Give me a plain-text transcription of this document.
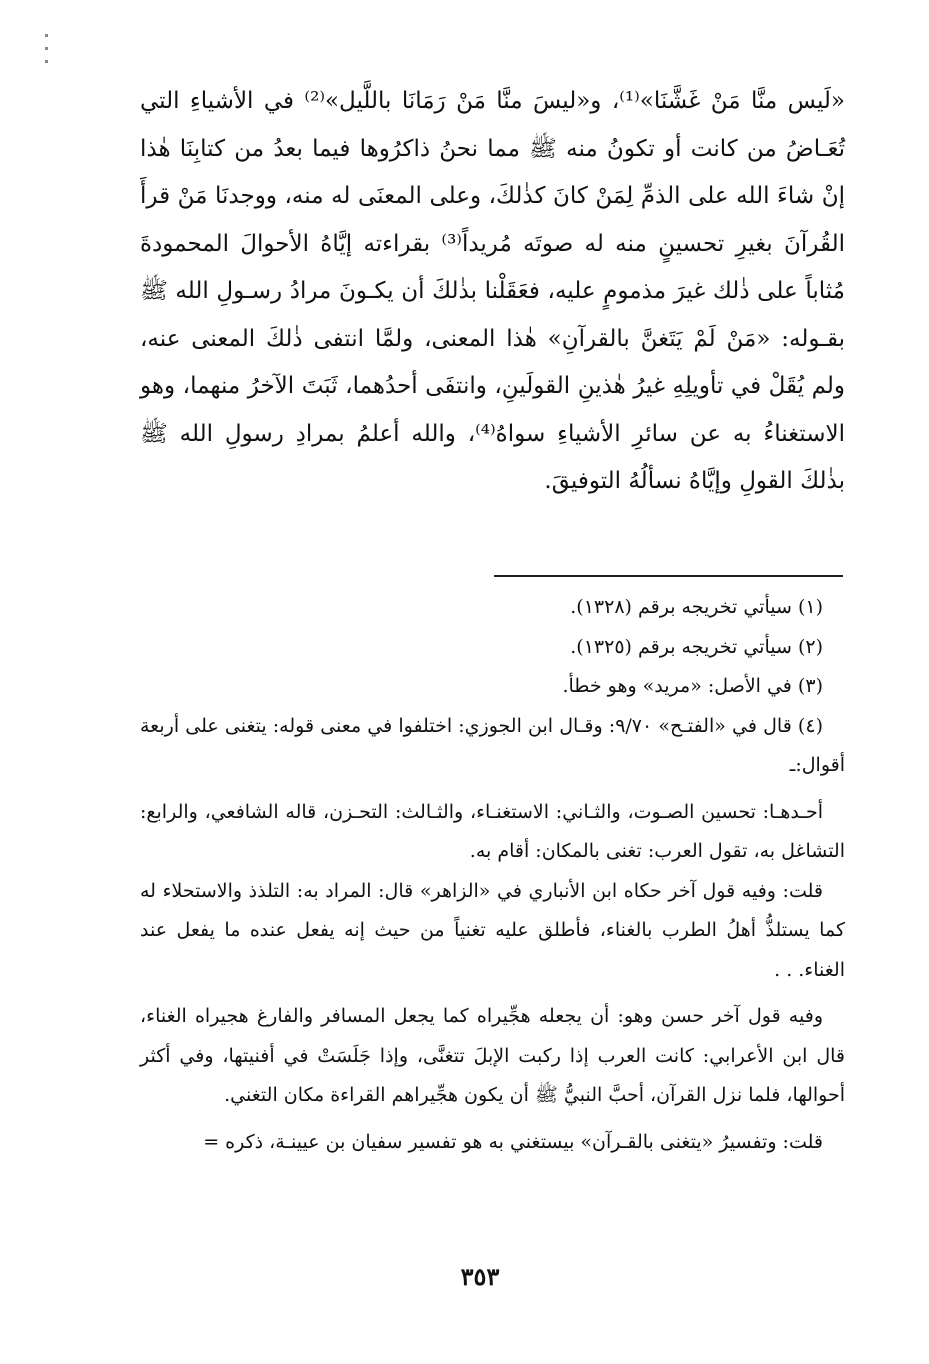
«لَيس منَّا مَنْ غَشَّنَا»⁽¹⁾، و«ليسَ منَّا مَنْ رَمَانَا باللَّيل»⁽²⁾ في الأشياءِ التي تُعَـاضُ من كانت أو تكونُ منه ﷺ مما نحنُ ذاكرُوها فيما بعدُ من كتابِنَا هٰذا إنْ شاءَ الله على الذمِّ لِمَنْ كانَ كذٰلكَ، وعلى المعنَى له منه، ووجدنَا مَنْ قرأَ القُرآنَ بغيرِ تحسينٍ منه له صوتَه مُريداً⁽³⁾ بقراءته إيَّاهُ الأحوالَ المحمودةَ مُثاباً على ذٰلك غيرَ مذمومٍ عليه، فعَقَلْنا بذٰلكَ أن يكـونَ مرادُ رسـولِ الله ﷺ بقـوله: «مَنْ لَمْ يَتَغنَّ بالقرآنِ» هٰذا المعنى، ولمَّا انتفى ذٰلكَ المعنى عنه، ولم يُقَلْ في تأويلِهِ غيرُ هٰذينِ القولَينِ، وانتفَى أحدُهما، ثَبَتَ الآخرُ منهما، وهو الاستغناءُ به عن سائرِ الأشياءِ سواهُ⁽⁴⁾، والله أعلمُ بمرادِ رسولِ الله ﷺ بذٰلكَ القولِ وإيَّاهُ نسألُهُ التوفيقَ.

(١) سيأتي تخريجه برقم (١٣٢٨).

(٢) سيأتي تخريجه برقم (١٣٢٥).

(٣) في الأصل: «مريد» وهو خطأ.

(٤) قال في «الفتـح» ٩/٧٠: وقـال ابن الجوزي: اختلفوا في معنى قوله: يتغنى على أربعة أقوال:ـ

أحـدهـا: تحسين الصـوت، والثـاني: الاستغنـاء، والثـالث: التحـزن، قاله الشافعي، والرابع: التشاغل به، تقول العرب: تغنى بالمكان: أقام به.

قلت: وفيه قول آخر حكاه ابن الأنباري في «الزاهر» قال: المراد به: التلذذ والاستحلاء له كما يستلذُّ أهلُ الطرب بالغناء، فأطلق عليه تغنياً من حيث إنه يفعل عنده ما يفعل عند الغناء. . .

وفيه قول آخر حسن وهو: أن يجعله هجِّيراه كما يجعل المسافر والفارغ هجيراه الغناء، قال ابن الأعرابي: كانت العرب إذا ركبت الإبلَ تتغنَّى، وإذا جَلَسَتْ في أفنيتها، وفي أكثر أحوالها، فلما نزل القرآن، أحبَّ النبيُّ ﷺ أن يكون هجِّيراهم القراءة مكان التغني.

قلت: وتفسيرُ «يتغنى بالقـرآن» بيستغني به هو تفسير سفيان بن عيينـة، ذكره =

٣٥٣
